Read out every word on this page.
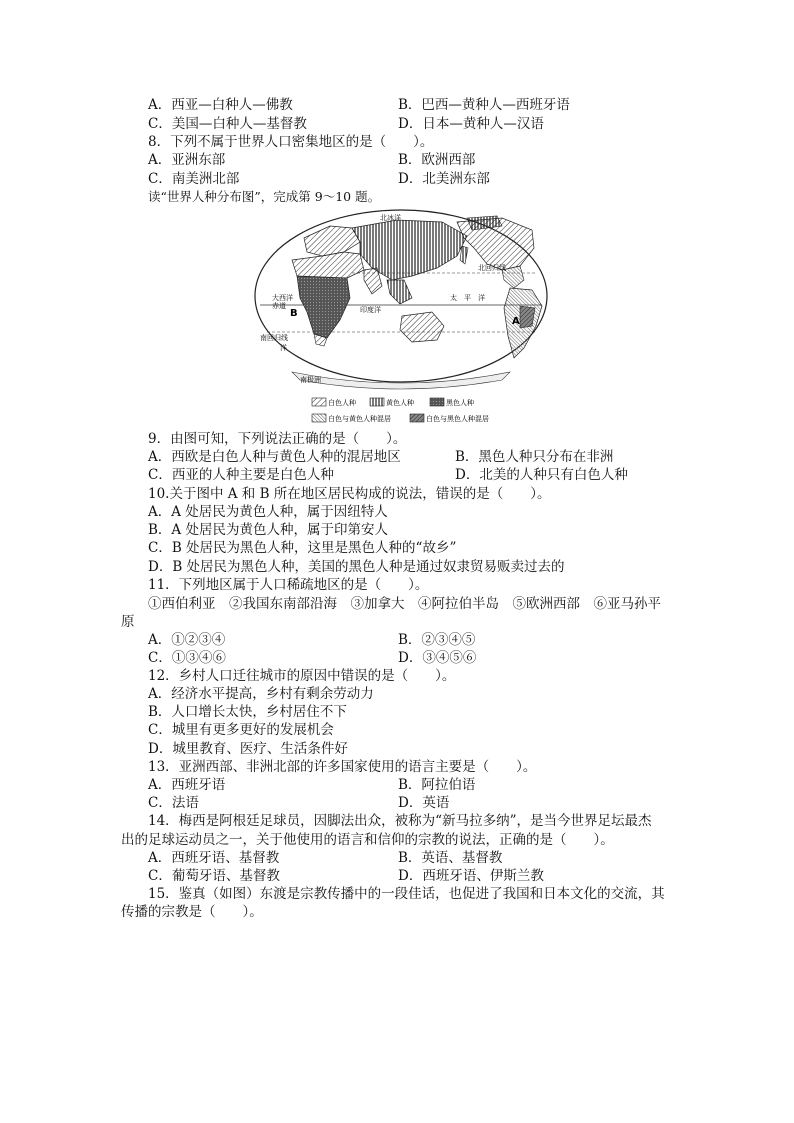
A．西亚—白种人—佛教	B．巴西—黄种人—西班牙语
C．美国—白种人—基督教	D．日本—黄种人—汉语
8．下列不属于世界人口密集地区的是（　　）。
A．亚洲东部	B．欧洲西部
C．南美洲北部	D．北美洲东部
读“世界人种分布图”，完成第 9～10 题。
北冰洋
北回归线
太　平　洋
印度洋
南回归线
洋
赤道
大西洋
南极洲
A
B
白色人种	黄色人种	黑色人种
白色与黄色人种混居	白色与黑色人种混居
9．由图可知，下列说法正确的是（　　）。
A．西欧是白色人种与黄色人种的混居地区	B．黑色人种只分布在非洲
C．西亚的人种主要是白色人种	D．北美的人种只有白色人种
10.关于图中 A 和 B 所在地区居民构成的说法，错误的是（　　）。
A．A 处居民为黄色人种，属于因纽特人
B．A 处居民为黄色人种，属于印第安人
C．B 处居民为黑色人种，这里是黑色人种的“故乡”
D．B 处居民为黑色人种，美国的黑色人种是通过奴隶贸易贩卖过去的
11．下列地区属于人口稀疏地区的是（　　）。
①西伯利亚　②我国东南部沿海　③加拿大　④阿拉伯半岛　⑤欧洲西部　⑥亚马孙平
原
A．①②③④	B．②③④⑤
C．①③④⑥	D．③④⑤⑥
12．乡村人口迁往城市的原因中错误的是（　　）。
A．经济水平提高，乡村有剩余劳动力
B．人口增长太快，乡村居住不下
C．城里有更多更好的发展机会
D．城里教育、医疗、生活条件好
13．亚洲西部、非洲北部的许多国家使用的语言主要是（　　）。
A．西班牙语	B．阿拉伯语
C．法语	D．英语
14．梅西是阿根廷足球员，因脚法出众，被称为“新马拉多纳”，是当今世界足坛最杰
出的足球运动员之一，关于他使用的语言和信仰的宗教的说法，正确的是（　　）。
A．西班牙语、基督教	B．英语、基督教
C．葡萄牙语、基督教	D．西班牙语、伊斯兰教
15．鉴真（如图）东渡是宗教传播中的一段佳话，也促进了我国和日本文化的交流，其
传播的宗教是（　　）。
